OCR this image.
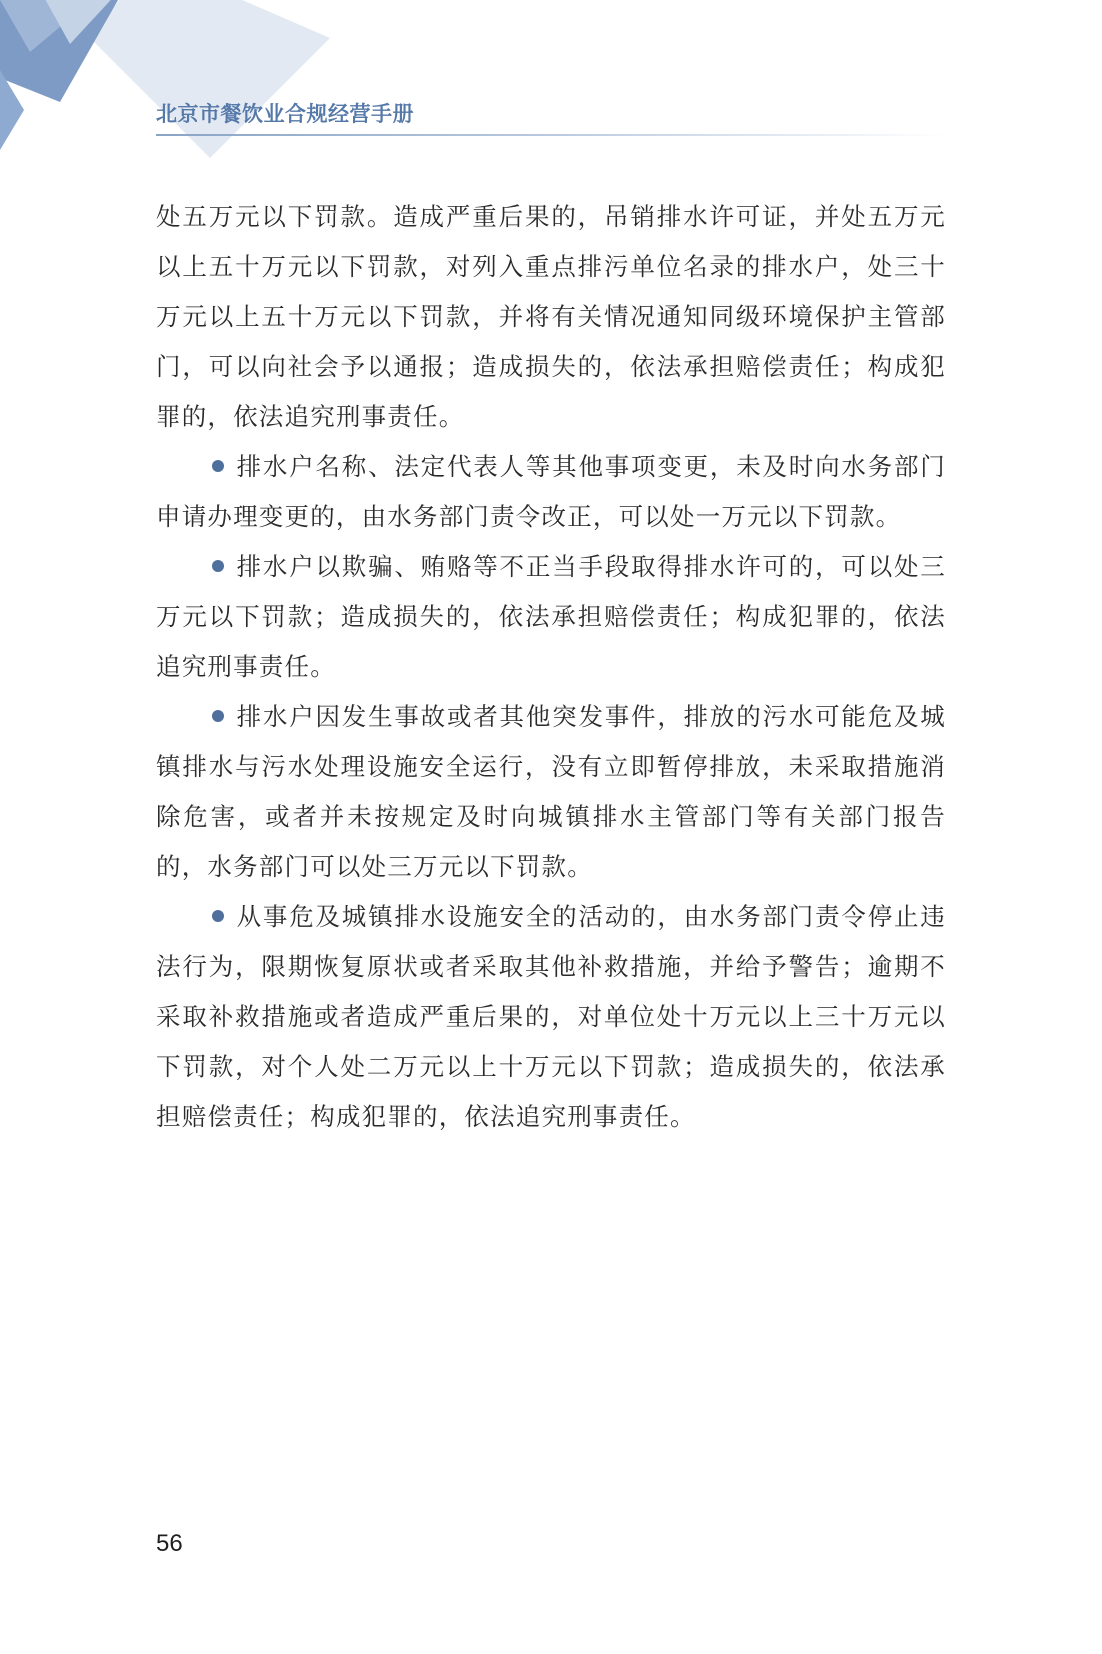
北京市餐饮业合规经营手册

处五万元以下罚款。造成严重后果的，吊销排水许可证，并处五万元以上五十万元以下罚款，对列入重点排污单位名录的排水户，处三十万元以上五十万元以下罚款，并将有关情况通知同级环境保护主管部门，可以向社会予以通报；造成损失的，依法承担赔偿责任；构成犯罪的，依法追究刑事责任。

排水户名称、法定代表人等其他事项变更，未及时向水务部门申请办理变更的，由水务部门责令改正，可以处一万元以下罚款。

排水户以欺骗、贿赂等不正当手段取得排水许可的，可以处三万元以下罚款；造成损失的，依法承担赔偿责任；构成犯罪的，依法追究刑事责任。

排水户因发生事故或者其他突发事件，排放的污水可能危及城镇排水与污水处理设施安全运行，没有立即暂停排放，未采取措施消除危害，或者并未按规定及时向城镇排水主管部门等有关部门报告的，水务部门可以处三万元以下罚款。

从事危及城镇排水设施安全的活动的，由水务部门责令停止违法行为，限期恢复原状或者采取其他补救措施，并给予警告；逾期不采取补救措施或者造成严重后果的，对单位处十万元以上三十万元以下罚款，对个人处二万元以上十万元以下罚款；造成损失的，依法承担赔偿责任；构成犯罪的，依法追究刑事责任。

56
